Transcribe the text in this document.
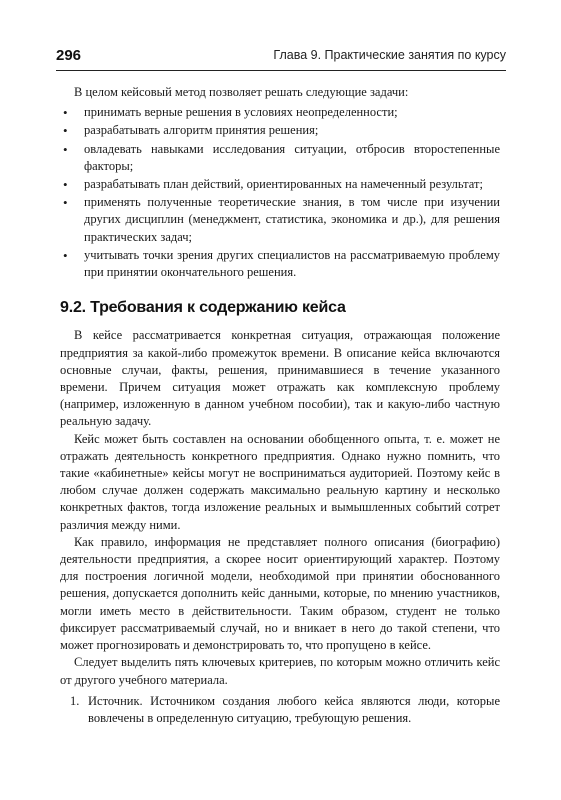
296	Глава 9. Практические занятия по курсу

В целом кейсовый метод позволяет решать следующие задачи:

• принимать верные решения в условиях неопределенности;
• разрабатывать алгоритм принятия решения;
• овладевать навыками исследования ситуации, отбросив второстепенные факторы;
• разрабатывать план действий, ориентированных на намеченный результат;
• применять полученные теоретические знания, в том числе при изучении других дисциплин (менеджмент, статистика, экономика и др.), для решения практических задач;
• учитывать точки зрения других специалистов на рассматриваемую проблему при принятии окончательного решения.
9.2. Требования к содержанию кейса

В кейсе рассматривается конкретная ситуация, отражающая положение предприятия за какой-либо промежуток времени. В описание кейса включаются основные случаи, факты, решения, принимавшиеся в течение указанного времени. Причем ситуация может отражать как комплексную проблему (например, изложенную в данном учебном пособии), так и какую-либо частную реальную задачу.

Кейс может быть составлен на основании обобщенного опыта, т. е. может не отражать деятельность конкретного предприятия. Однако нужно помнить, что такие «кабинетные» кейсы могут не восприниматься аудиторией. Поэтому кейс в любом случае должен содержать максимально реальную картину и несколько конкретных фактов, тогда изложение реальных и вымышленных событий сотрет различия между ними.

Как правило, информация не представляет полного описания (биографию) деятельности предприятия, а скорее носит ориентирующий характер. Поэтому для построения логичной модели, необходимой при принятии обоснованного решения, допускается дополнить кейс данными, которые, по мнению участников, могли иметь место в действительности. Таким образом, студент не только фиксирует рассматриваемый случай, но и вникает в него до такой степени, что может прогнозировать и демонстрировать то, что пропущено в кейсе.

Следует выделить пять ключевых критериев, по которым можно отличить кейс от другого учебного материала.

1. Источник. Источником создания любого кейса являются люди, которые вовлечены в определенную ситуацию, требующую решения.
